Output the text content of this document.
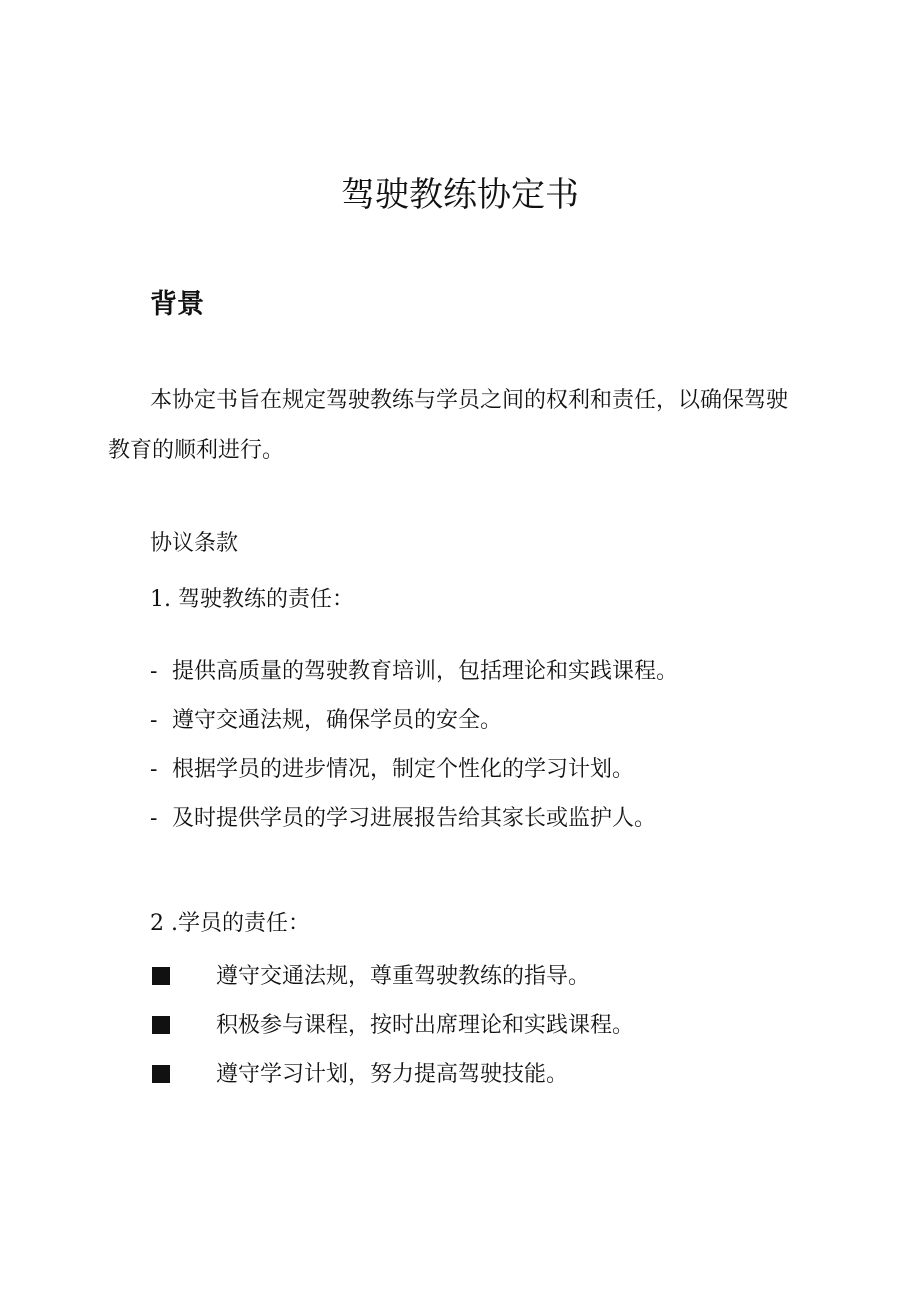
驾驶教练协定书
背景

本协定书旨在规定驾驶教练与学员之间的权利和责任，以确保驾驶教育的顺利进行。

协议条款

1. 驾驶教练的责任：

- 提供高质量的驾驶教育培训，包括理论和实践课程。
- 遵守交通法规，确保学员的安全。
- 根据学员的进步情况，制定个性化的学习计划。
- 及时提供学员的学习进展报告给其家长或监护人。

2 .学员的责任：

遵守交通法规，尊重驾驶教练的指导。
积极参与课程，按时出席理论和实践课程。
遵守学习计划，努力提高驾驶技能。
